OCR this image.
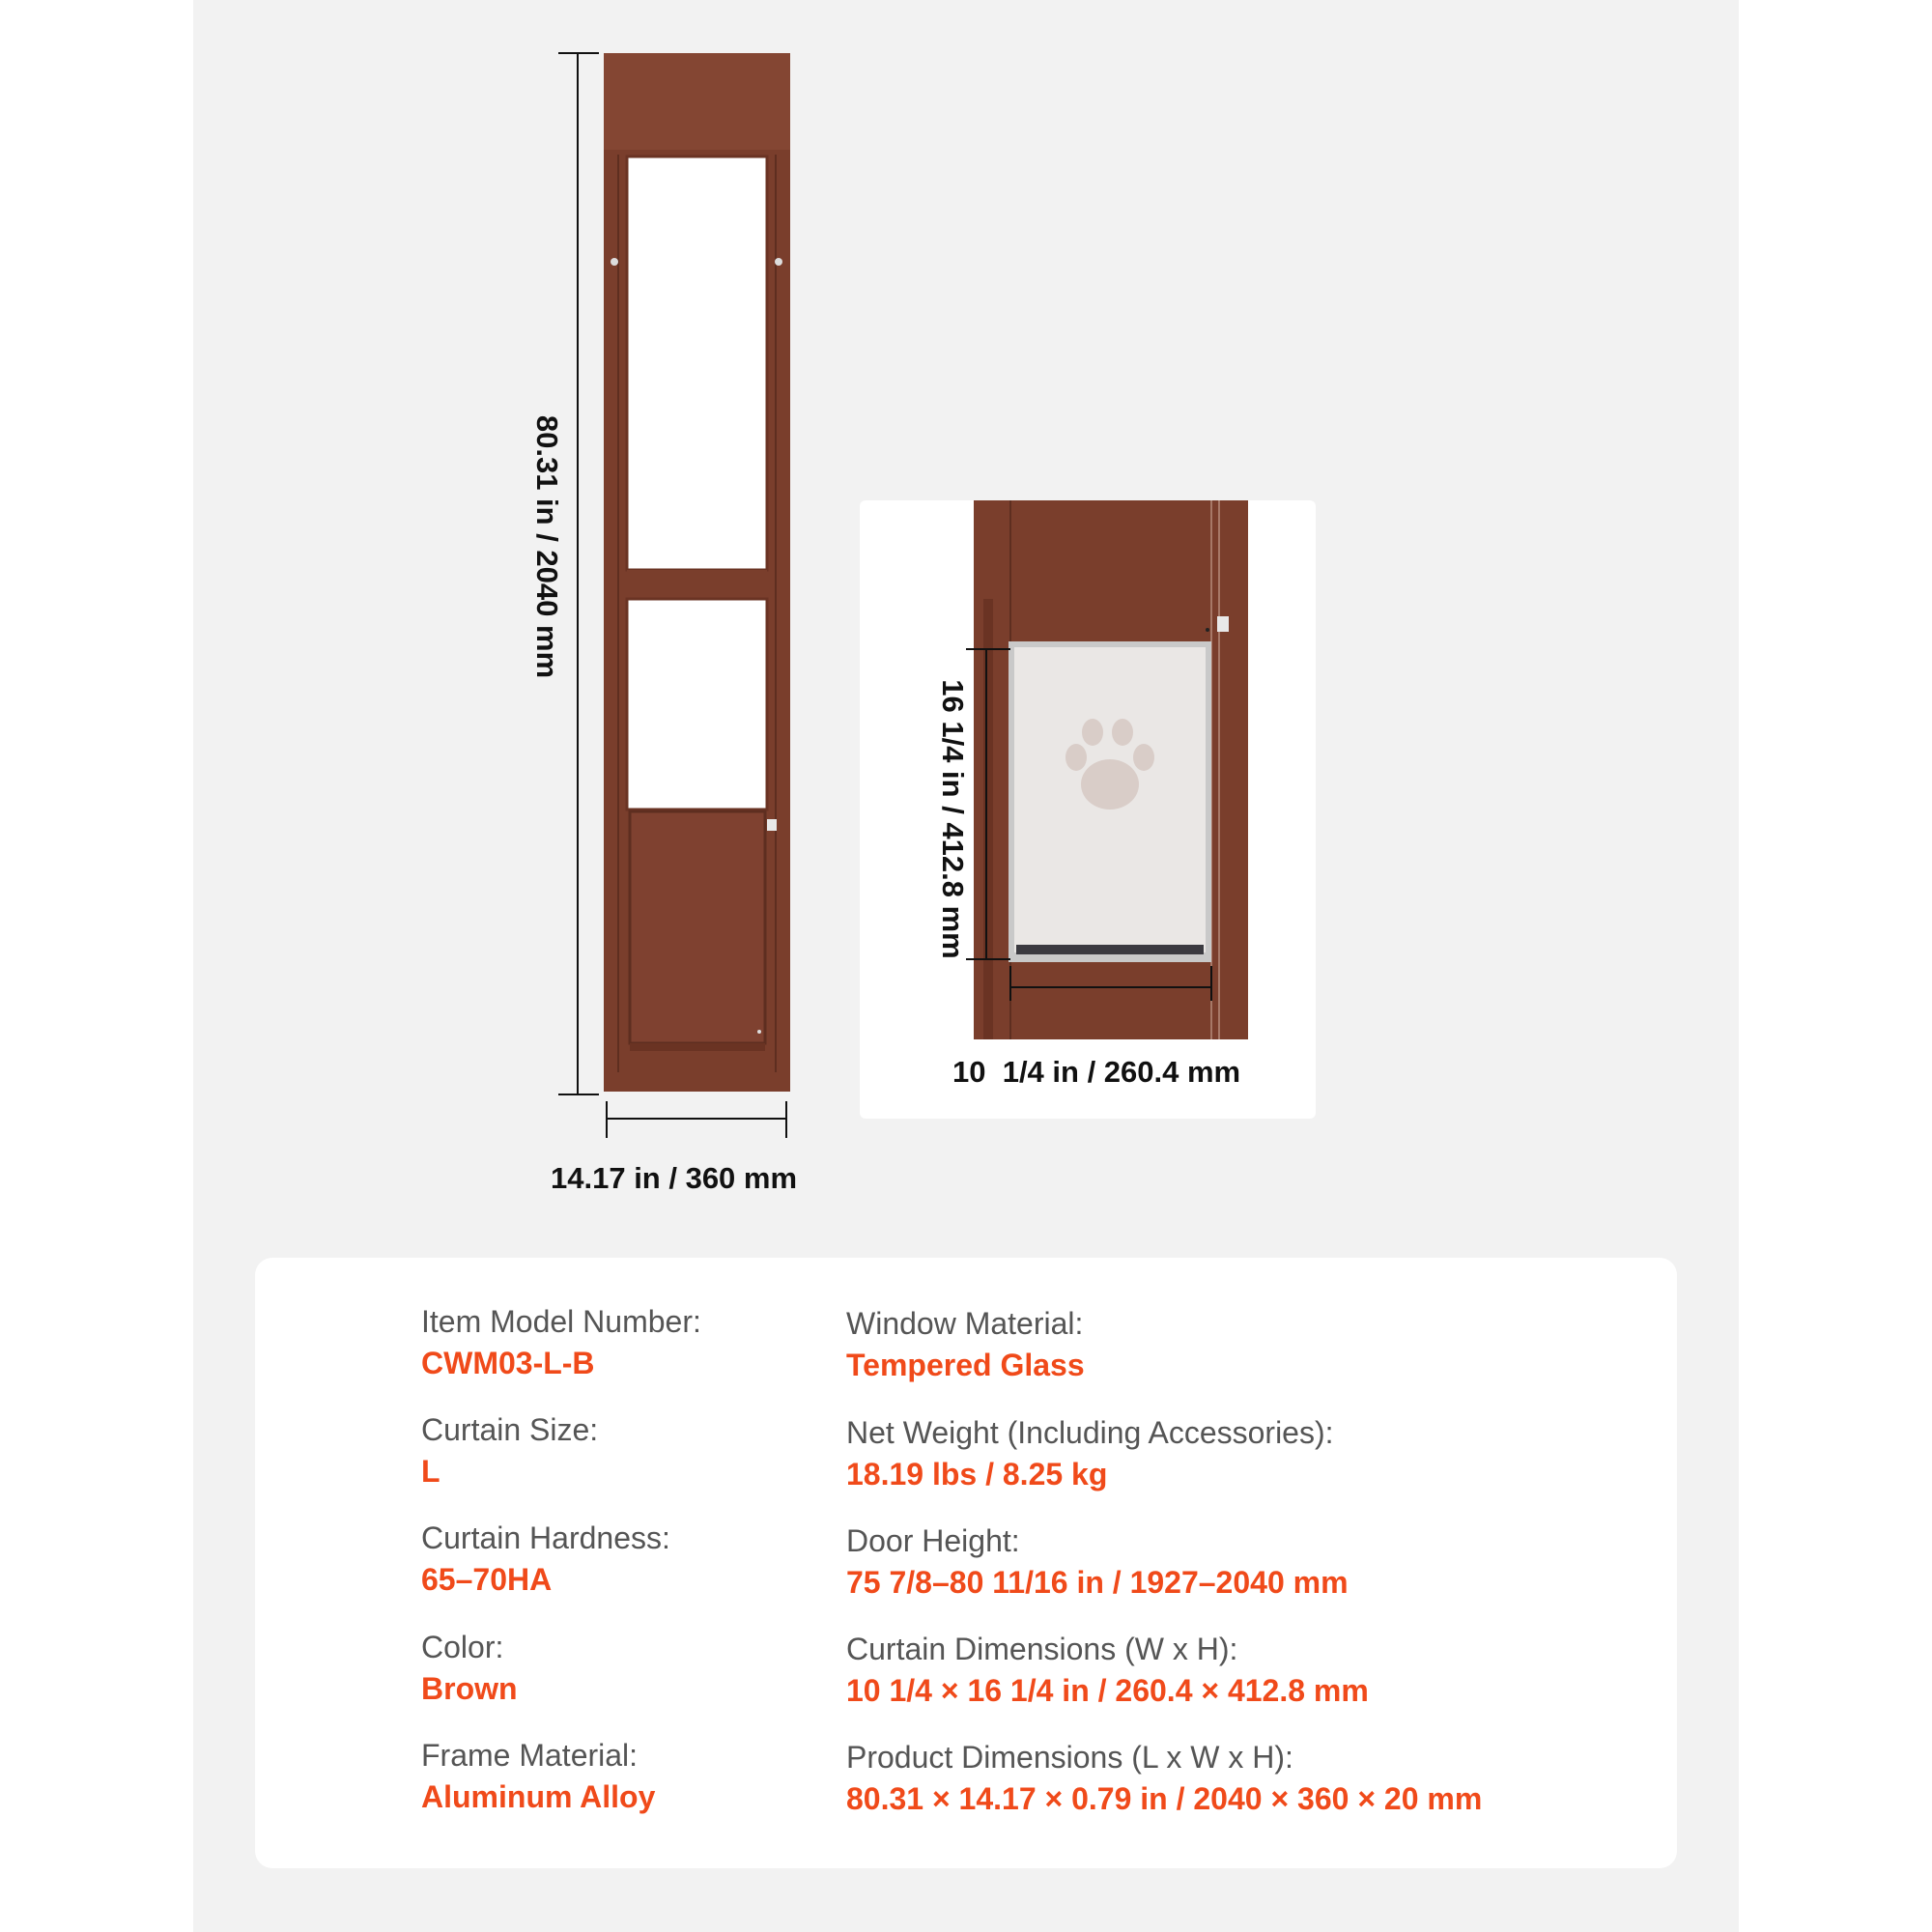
80.31 in / 2040 mm
14.17 in / 360 mm
16 1/4 in / 412.8 mm
10  1/4 in / 260.4 mm
Item Model Number:
CWM03-L-B
Curtain Size:
L
Curtain Hardness:
65–70HA
Color:
Brown
Frame Material:
Aluminum Alloy
Window Material:
Tempered Glass
Net Weight (Including Accessories):
18.19 lbs / 8.25 kg
Door Height:
75 7/8–80 11/16 in / 1927–2040 mm
Curtain Dimensions (W x H):
10 1/4 × 16 1/4 in / 260.4 × 412.8 mm
Product Dimensions (L x W x H):
80.31 × 14.17 × 0.79 in / 2040 × 360 × 20 mm
